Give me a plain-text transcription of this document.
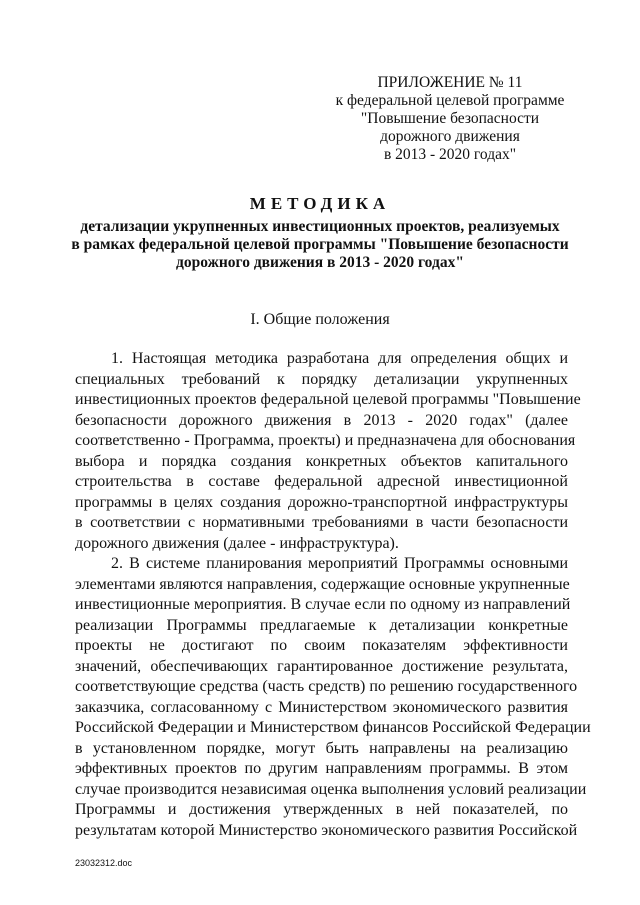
ПРИЛОЖЕНИЕ № 11
к федеральной целевой программе
"Повышение безопасности
дорожного движения
в 2013 - 2020 годах"
МЕТОДИКА
детализации укрупненных инвестиционных проектов, реализуемых
в рамках федеральной целевой программы "Повышение безопасности
дорожного движения в 2013 - 2020 годах"
I. Общие положения
1. Настоящая методика разработана для определения общих и
специальных требований к порядку детализации укрупненных
инвестиционных проектов федеральной целевой программы "Повышение
безопасности дорожного движения в 2013 - 2020 годах" (далее
соответственно - Программа, проекты) и предназначена для обоснования
выбора и порядка создания конкретных объектов капитального
строительства в составе федеральной адресной инвестиционной
программы в целях создания дорожно-транспортной инфраструктуры
в соответствии с нормативными требованиями в части безопасности
дорожного движения (далее - инфраструктура).
2. В системе планирования мероприятий Программы основными
элементами являются направления, содержащие основные укрупненные
инвестиционные мероприятия. В случае если по одному из направлений
реализации Программы предлагаемые к детализации конкретные
проекты не достигают по своим показателям эффективности
значений, обеспечивающих гарантированное достижение результата,
соответствующие средства (часть средств) по решению государственного
заказчика, согласованному с Министерством экономического развития
Российской Федерации и Министерством финансов Российской Федерации
в установленном порядке, могут быть направлены на реализацию
эффективных проектов по другим направлениям программы. В этом
случае производится независимая оценка выполнения условий реализации
Программы и достижения утвержденных в ней показателей, по
результатам которой Министерство экономического развития Российской
23032312.doc
